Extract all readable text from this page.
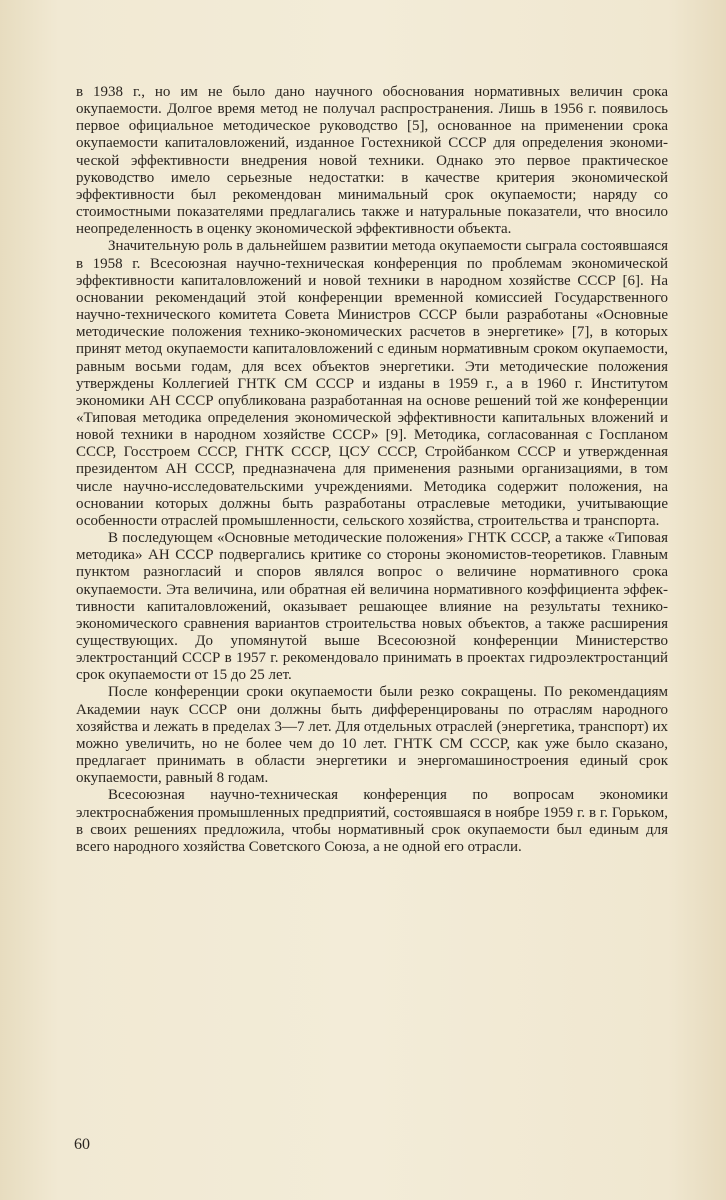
в 1938 г., но им не было дано научного обоснования нормативных величин срока окупаемости. Долгое время метод не получал распространения. Лишь в 1956 г. появилось первое официальное методическое руководство [5], основанное на применении срока окупаемости капиталовложений, изданное Гостехникой СССР для определения экономической эффективности внедрения новой техники. Однако это первое практическое руководство имело серьезные недостатки: в качестве критерия экономической эффективности был рекомендован минимальный срок окупаемости; наряду со стоимостными показателями предлагались также и натуральные показатели, что вносило неопределенность в оценку экономической эффективности объекта.

Значительную роль в дальнейшем развитии метода окупаемости сыграла состоявшаяся в 1958 г. Всесоюзная научно-техническая конференция по проблемам экономической эффективности капиталовложений и новой техники в народном хозяйстве СССР [6]. На основании рекомендаций этой конференции временной комиссией Государственного научно-технического комитета Совета Министров СССР были разработаны «Основные методические положения технико-экономических расчетов в энергетике» [7], в которых принят метод окупаемости капиталовложений с единым нормативным сроком окупаемости, равным восьми годам, для всех объектов энергетики. Эти методические положения утверждены Коллегией ГНТК СМ СССР и изданы в 1959 г., а в 1960 г. Институтом экономики АН СССР опубликована разработанная на основе решений той же конференции «Типовая методика определения экономической эффективности капитальных вложений и новой техники в народном хозяйстве СССР» [9]. Методика, согласованная с Госпланом СССР, Госстроем СССР, ГНТК СССР, ЦСУ СССР, Стройбанком СССР и утвержденная президентом АН СССР, предназначена для применения разными организациями, в том числе научно-исследовательскими учреждениями. Методика содержит положения, на основании которых должны быть разработаны отраслевые методики, учитывающие особенности отраслей промышленности, сельского хозяйства, строительства и транспорта.

В последующем «Основные методические положения» ГНТК СССР, а также «Типовая методика» АН СССР подвергались критике со стороны экономистов-теоретиков. Главным пунктом разногласий и споров являлся вопрос о величине нормативного срока окупаемости. Эта величина, или обратная ей величина нормативного коэффициента эффективности капиталовложений, оказывает решающее влияние на результаты технико-экономического сравнения вариантов строительства новых объектов, а также расширения существующих. До упомянутой выше Всесоюзной конференции Министерство электростанций СССР в 1957 г. рекомендовало принимать в проектах гидроэлектростанций срок окупаемости от 15 до 25 лет.

После конференции сроки окупаемости были резко сокращены. По рекомендациям Академии наук СССР они должны быть дифференцированы по отраслям народного хозяйства и лежать в пределах 3—7 лет. Для отдельных отраслей (энергетика, транспорт) их можно увеличить, но не более чем до 10 лет. ГНТК СМ СССР, как уже было сказано, предлагает принимать в области энергетики и энергомашиностроения единый срок окупаемости, равный 8 годам.

Всесоюзная научно-техническая конференция по вопросам экономики электроснабжения промышленных предприятий, состоявшаяся в ноябре 1959 г. в г. Горьком, в своих решениях предложила, чтобы нормативный срок окупаемости был единым для всего народного хозяйства Советского Союза, а не одной его отрасли.

60
